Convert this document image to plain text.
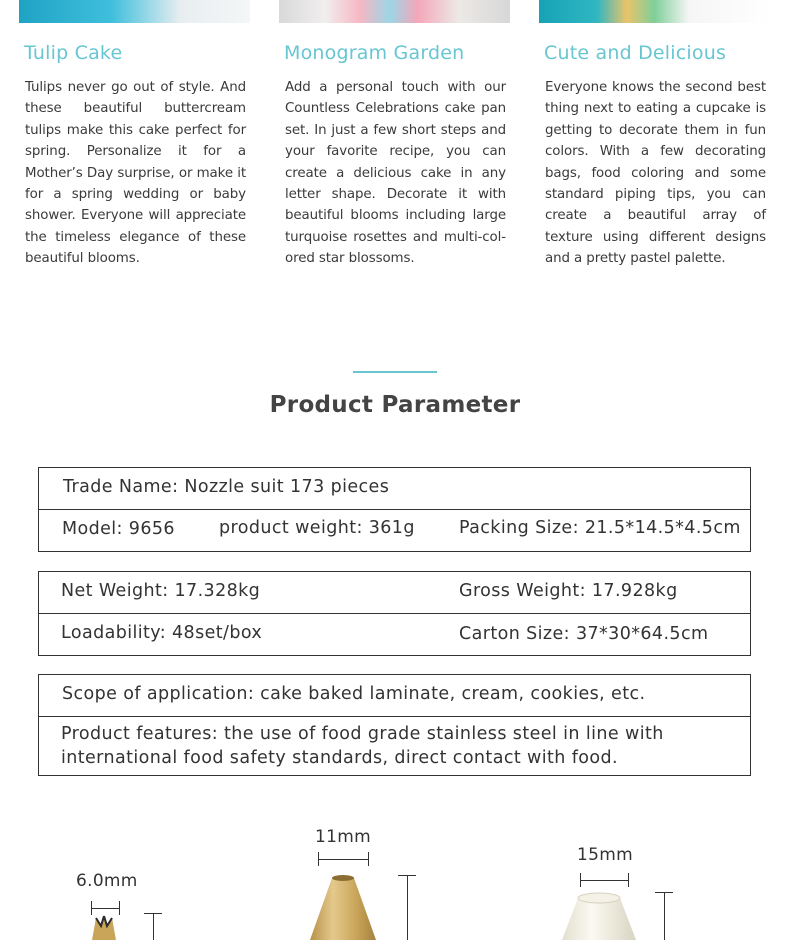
Tulip Cake

Tulips never go out of style. And these beautiful buttercream tulips make this cake perfect for spring. Personalize it for a Mother’s Day surprise, or make it for a spring wedding or baby shower. Everyone will appreciate the timeless elegance of these beautiful blooms.

Monogram Garden

Add a personal touch with our Countless Celebrations cake pan set. In just a few short steps and your favorite recipe, you can create a delicious cake in any letter shape. Decorate it with beautiful blooms including large turquoise rosettes and multi-col-ored star blossoms.

Cute and Delicious

Everyone knows the second best thing next to eating a cupcake is getting to decorate them in fun colors. With a few decorating bags, food coloring and some standard piping tips, you can create a beautiful array of texture using different designs and a pretty pastel palette.

Product Parameter
Trade Name: Nozzle suit 173 pieces
Model: 9656	product weight: 361g	Packing Size: 21.5*14.5*4.5cm
Net Weight: 17.328kg	Gross Weight: 17.928kg
Loadability: 48set/box	Carton Size: 37*30*64.5cm
Scope of application: cake baked laminate, cream, cookies, etc.
Product features: the use of food grade stainless steel in line with international food safety standards, direct contact with food.
6.0mm
11mm
15mm
